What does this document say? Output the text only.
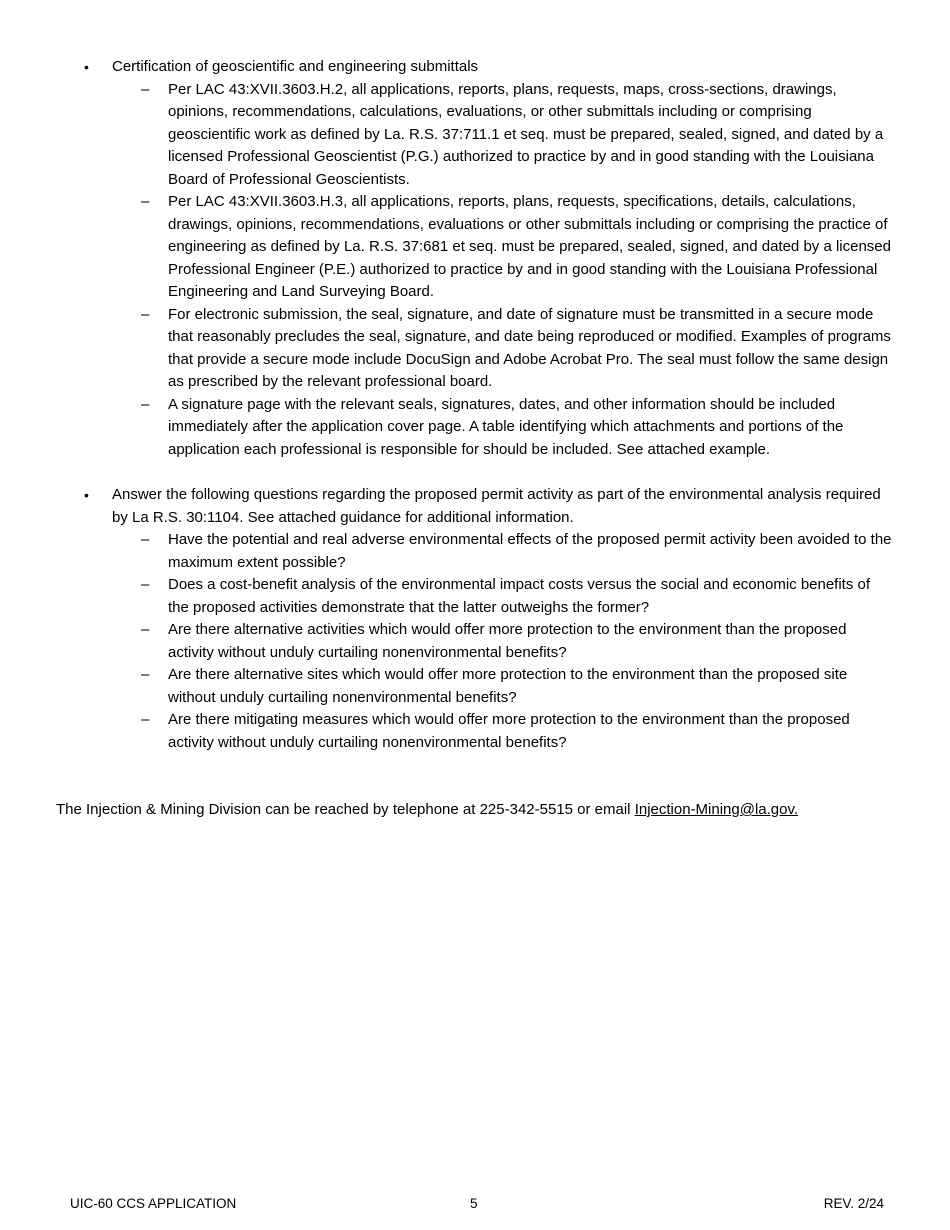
• Certification of geoscientific and engineering submittals
– Per LAC 43:XVII.3603.H.2, all applications, reports, plans, requests, maps, cross-sections, drawings, opinions, recommendations, calculations, evaluations, or other submittals including or comprising geoscientific work as defined by La. R.S. 37:711.1 et seq. must be prepared, sealed, signed, and dated by a licensed Professional Geoscientist (P.G.) authorized to practice by and in good standing with the Louisiana Board of Professional Geoscientists.
– Per LAC 43:XVII.3603.H.3, all applications, reports, plans, requests, specifications, details, calculations, drawings, opinions, recommendations, evaluations or other submittals including or comprising the practice of engineering as defined by La. R.S. 37:681 et seq. must be prepared, sealed, signed, and dated by a licensed Professional Engineer (P.E.) authorized to practice by and in good standing with the Louisiana Professional Engineering and Land Surveying Board.
– For electronic submission, the seal, signature, and date of signature must be transmitted in a secure mode that reasonably precludes the seal, signature, and date being reproduced or modified. Examples of programs that provide a secure mode include DocuSign and Adobe Acrobat Pro. The seal must follow the same design as prescribed by the relevant professional board.
– A signature page with the relevant seals, signatures, dates, and other information should be included immediately after the application cover page. A table identifying which attachments and portions of the application each professional is responsible for should be included. See attached example.
• Answer the following questions regarding the proposed permit activity as part of the environmental analysis required by La R.S. 30:1104. See attached guidance for additional information.
– Have the potential and real adverse environmental effects of the proposed permit activity been avoided to the maximum extent possible?
– Does a cost-benefit analysis of the environmental impact costs versus the social and economic benefits of the proposed activities demonstrate that the latter outweighs the former?
– Are there alternative activities which would offer more protection to the environment than the proposed activity without unduly curtailing nonenvironmental benefits?
– Are there alternative sites which would offer more protection to the environment than the proposed site without unduly curtailing nonenvironmental benefits?
– Are there mitigating measures which would offer more protection to the environment than the proposed activity without unduly curtailing nonenvironmental benefits?

The Injection & Mining Division can be reached by telephone at 225-342-5515 or email Injection-Mining@la.gov.

UIC-60 CCS APPLICATION	5	REV. 2/24
